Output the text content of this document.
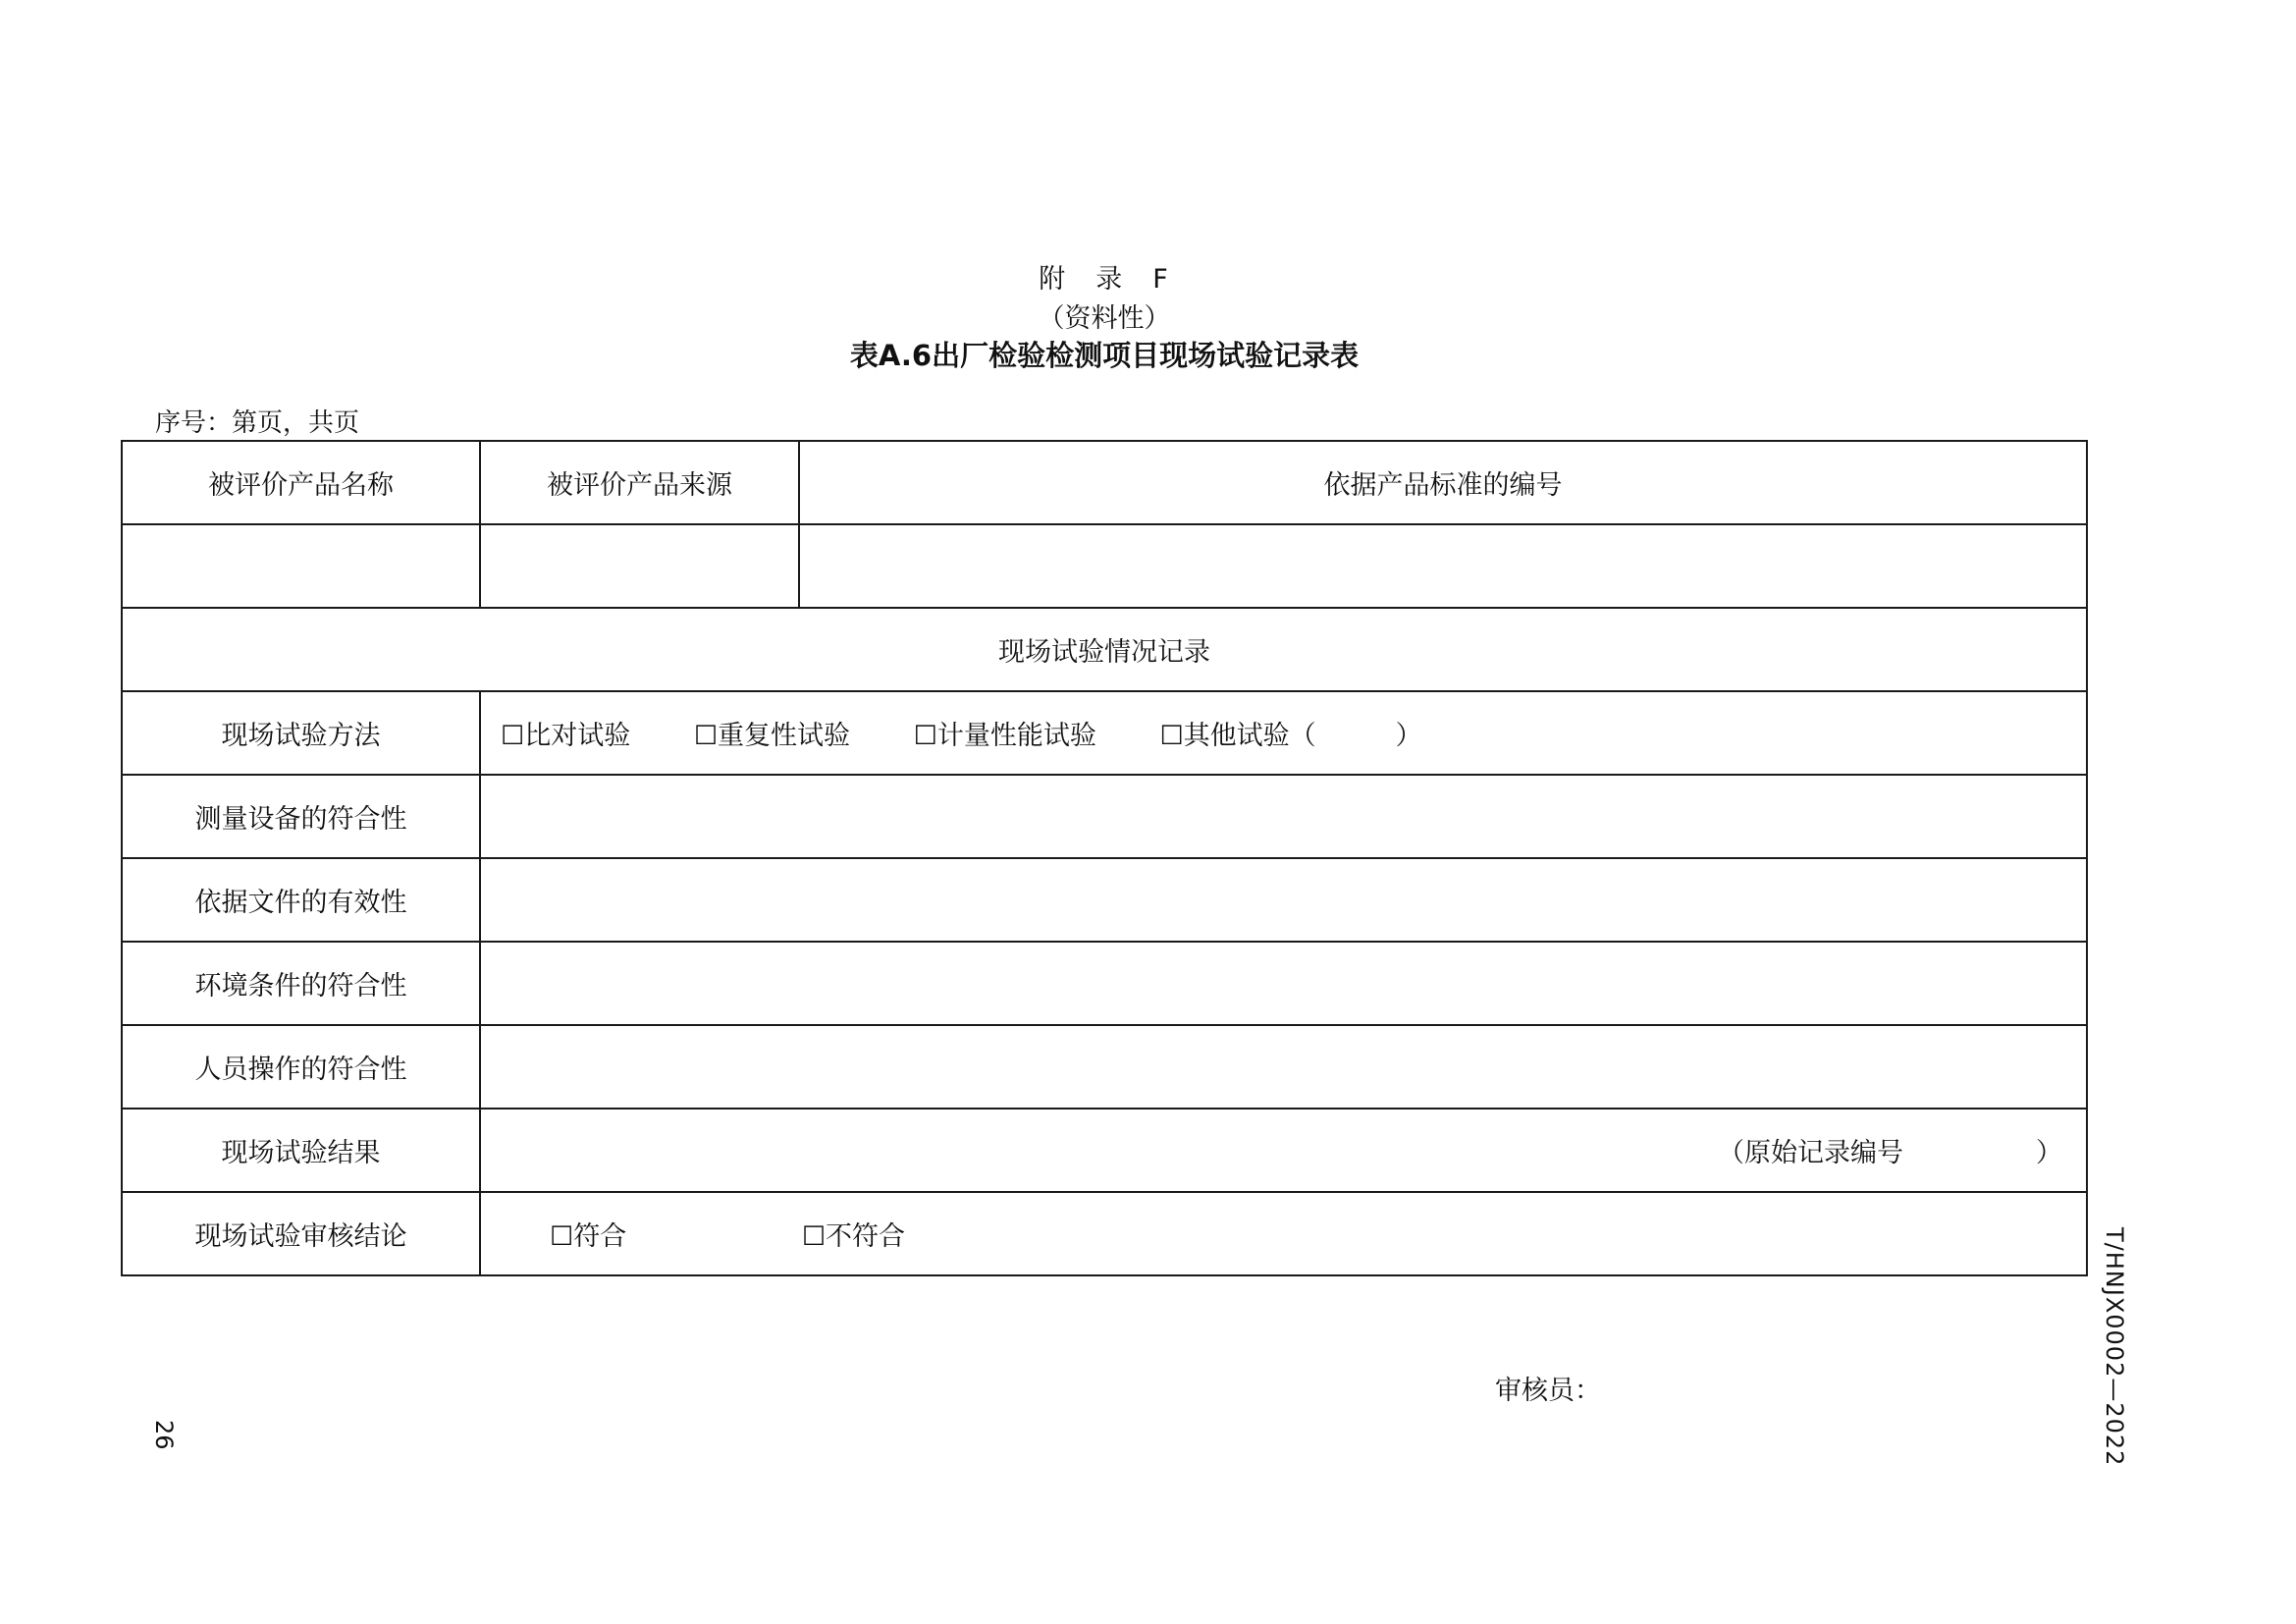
附　录　F
（资料性）
表A.6出厂检验检测项目现场试验记录表
序号：第页，共页
被评价产品名称	被评价产品来源	依据产品标准的编号

现场试验情况记录		
现场试验方法	☐比对试验 ☐重复性试验 ☐计量性能试验 ☐其他试验（　　　）	
测量设备的符合性		
依据文件的有效性		
环境条件的符合性		
人员操作的符合性		
现场试验结果	（原始记录编号　　　　　）	
现场试验审核结论	☐符合 ☐不符合	
审核员：
26	T/HNJX0002—2022
